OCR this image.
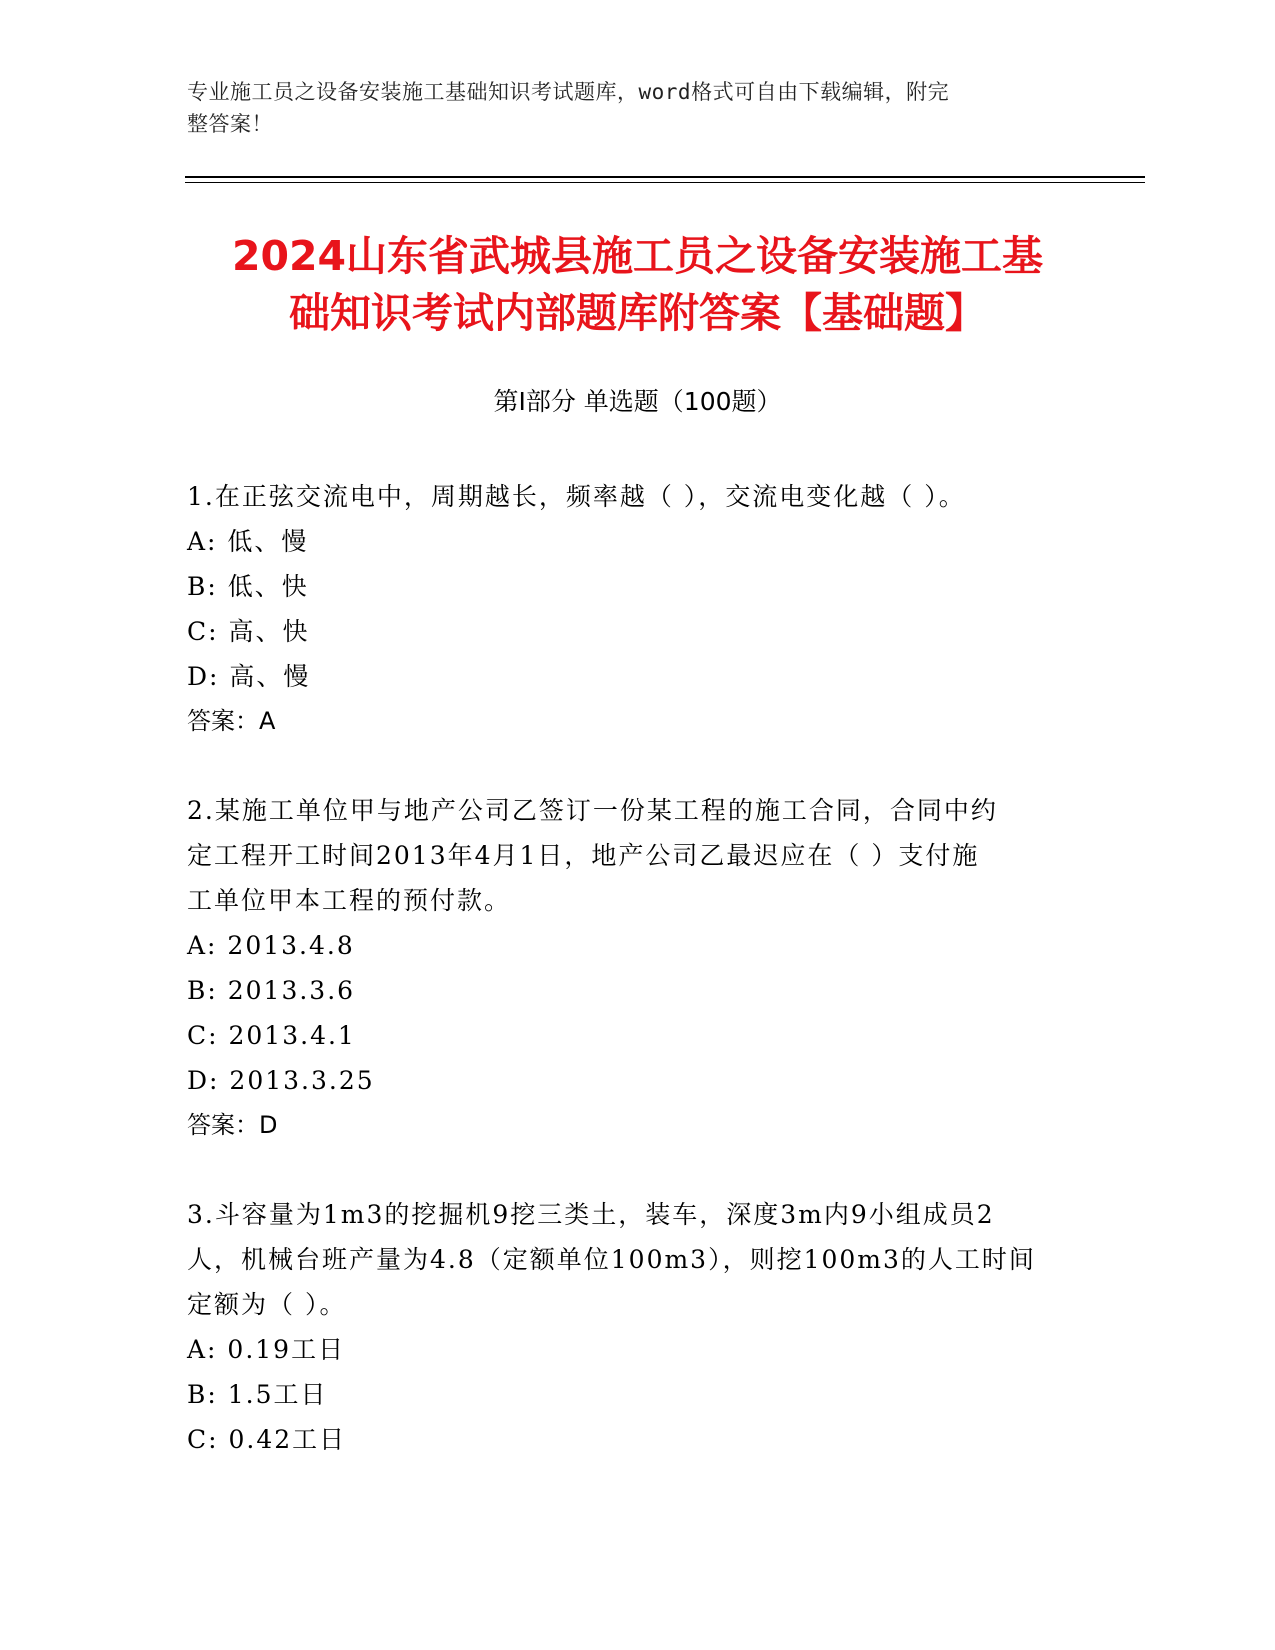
专业施工员之设备安装施工基础知识考试题库，word格式可自由下载编辑，附完
整答案！
2024山东省武城县施工员之设备安装施工基
础知识考试内部题库附答案【基础题】
第Ⅰ部分 单选题（100题）

1.在正弦交流电中，周期越长，频率越（ ），交流电变化越（ ）。

A: 低、慢

B: 低、快

C: 高、快

D: 高、慢

答案：A

2.某施工单位甲与地产公司乙签订一份某工程的施工合同，合同中约

定工程开工时间2013年4月1日，地产公司乙最迟应在（ ）支付施

工单位甲本工程的预付款。

A: 2013.4.8

B: 2013.3.6

C: 2013.4.1

D: 2013.3.25

答案：D

3.斗容量为1m3的挖掘机9挖三类土，装车，深度3m内9小组成员2

人，机械台班产量为4.8（定额单位100m3），则挖100m3的人工时间

定额为（ ）。

A: 0.19工日

B: 1.5工日

C: 0.42工日
